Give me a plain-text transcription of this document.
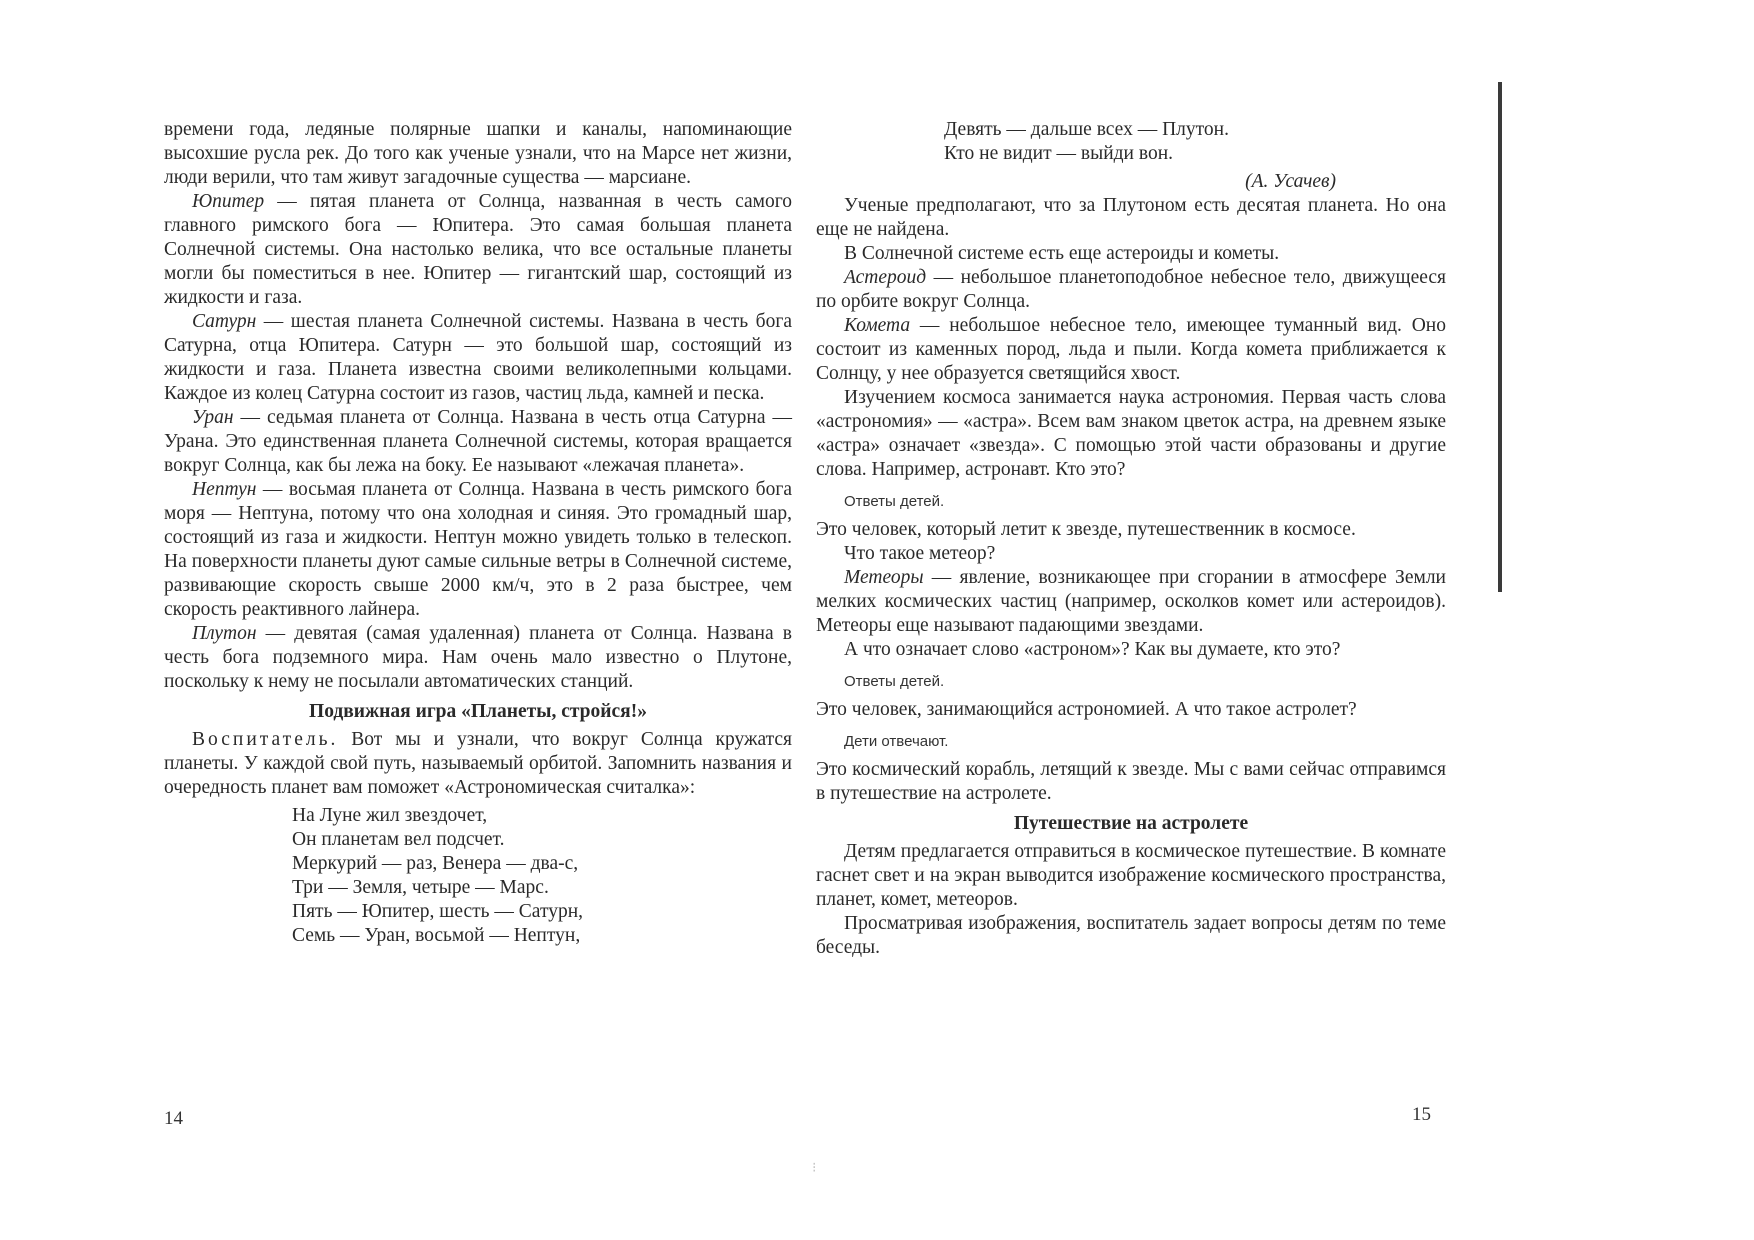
времени года, ледяные полярные шапки и каналы, напоминающие высохшие русла рек. До того как ученые узнали, что на Марсе нет жизни, люди верили, что там живут загадочные существа — марсиане.

Юпитер — пятая планета от Солнца, названная в честь самого главного римского бога — Юпитера. Это самая большая планета Солнечной системы. Она настолько велика, что все остальные планеты могли бы поместиться в нее. Юпитер — гигантский шар, состоящий из жидкости и газа.

Сатурн — шестая планета Солнечной системы. Названа в честь бога Сатурна, отца Юпитера. Сатурн — это большой шар, состоящий из жидкости и газа. Планета известна своими великолепными кольцами. Каждое из колец Сатурна состоит из газов, частиц льда, камней и песка.

Уран — седьмая планета от Солнца. Названа в честь отца Сатурна — Урана. Это единственная планета Солнечной системы, которая вращается вокруг Солнца, как бы лежа на боку. Ее называют «лежачая планета».

Нептун — восьмая планета от Солнца. Названа в честь римского бога моря — Нептуна, потому что она холодная и синяя. Это громадный шар, состоящий из газа и жидкости. Нептун можно увидеть только в телескоп. На поверхности планеты дуют самые сильные ветры в Солнечной системе, развивающие скорость свыше 2000 км/ч, это в 2 раза быстрее, чем скорость реактивного лайнера.

Плутон — девятая (самая удаленная) планета от Солнца. Названа в честь бога подземного мира. Нам очень мало известно о Плутоне, поскольку к нему не посылали автоматических станций.

Подвижная игра «Планеты, стройся!»

Воспитатель. Вот мы и узнали, что вокруг Солнца кружатся планеты. У каждой свой путь, называемый орбитой. Запомнить названия и очередность планет вам поможет «Астрономическая считалка»:

На Луне жил звездочет,
Он планетам вел подсчет.
Меркурий — раз, Венера — два-с,
Три — Земля, четыре — Марс.
Пять — Юпитер, шесть — Сатурн,
Семь — Уран, восьмой — Нептун,
14
Девять — дальше всех — Плутон.
Кто не видит — выйди вон.
(А. Усачев)

Ученые предполагают, что за Плутоном есть десятая планета. Но она еще не найдена.

В Солнечной системе есть еще астероиды и кометы.

Астероид — небольшое планетоподобное небесное тело, движущееся по орбите вокруг Солнца.

Комета — небольшое небесное тело, имеющее туманный вид. Оно состоит из каменных пород, льда и пыли. Когда комета приближается к Солнцу, у нее образуется светящийся хвост.

Изучением космоса занимается наука астрономия. Первая часть слова «астрономия» — «астра». Всем вам знаком цветок астра, на древнем языке «астра» означает «звезда». С помощью этой части образованы и другие слова. Например, астронавт. Кто это?

Ответы детей.

Это человек, который летит к звезде, путешественник в космосе.

Что такое метеор?

Метеоры — явление, возникающее при сгорании в атмосфере Земли мелких космических частиц (например, осколков комет или астероидов). Метеоры еще называют падающими звездами.

А что означает слово «астроном»? Как вы думаете, кто это?

Ответы детей.

Это человек, занимающийся астрономией. А что такое астролет?

Дети отвечают.

Это космический корабль, летящий к звезде. Мы с вами сейчас отправимся в путешествие на астролете.

Путешествие на астролете

Детям предлагается отправиться в космическое путешествие. В комнате гаснет свет и на экран выводится изображение космического пространства, планет, комет, метеоров.

Просматривая изображения, воспитатель задает вопросы детям по теме беседы.

15
⁝
